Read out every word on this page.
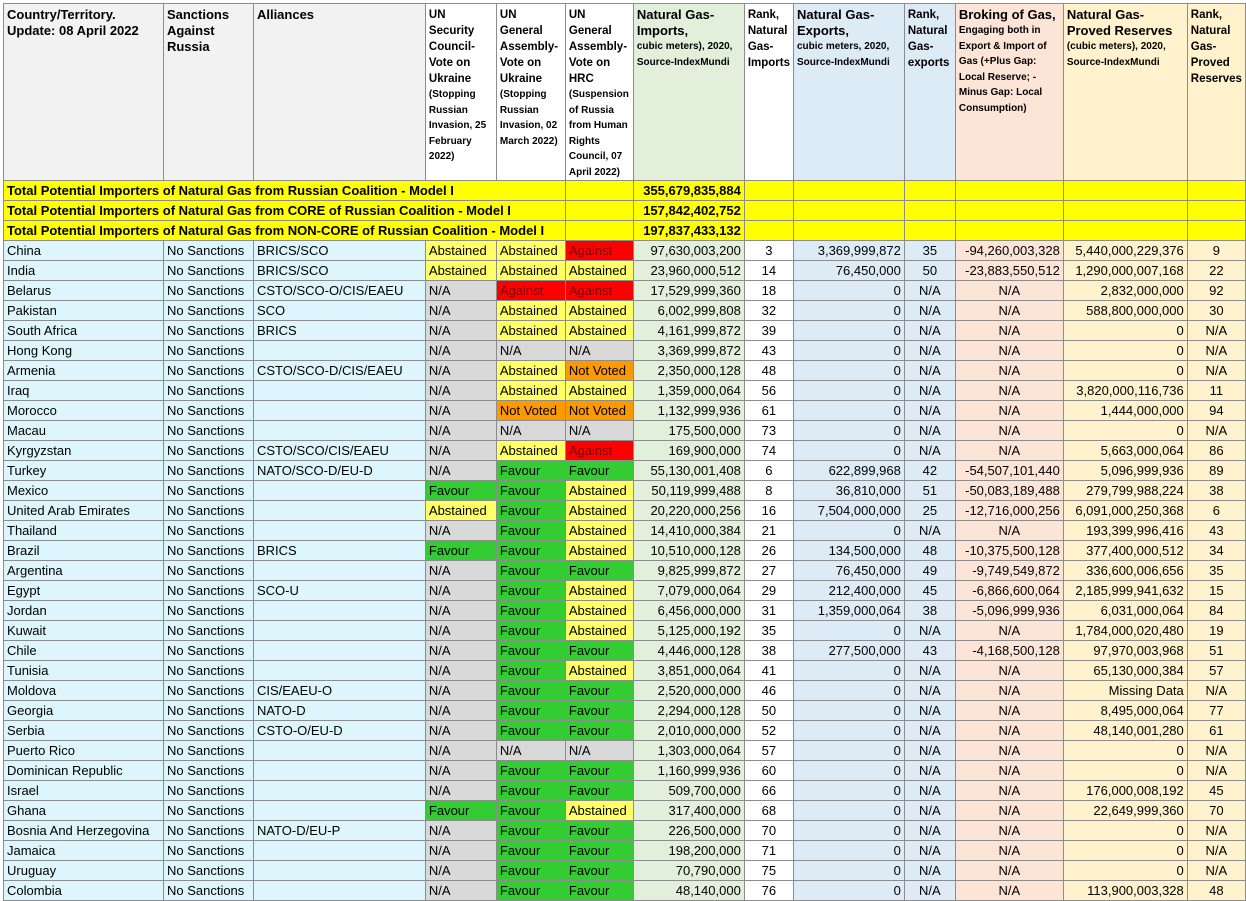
Country/Territory. Update: 08 April 2022	Sanctions Against Russia	Alliances	UN Security Council-Vote on Ukraine
(Stopping Russian Invasion, 25 February 2022)	UN General Assembly-Vote on Ukraine
(Stopping Russian Invasion, 02 March 2022)	UN General Assembly-Vote on HRC
(Suspension of Russia from Human Rights Council, 07 April 2022)	Natural Gas-Imports,
cubic meters), 2020, Source-IndexMundi	Rank, Natural Gas-Imports	Natural Gas-Exports,
cubic meters, 2020, Source-IndexMundi	Rank, Natural Gas-exports	Broking of Gas,
Engaging both in Export & Import of Gas (+Plus Gap: Local Reserve; -Minus Gap: Local Consumption)	Natural Gas-Proved Reserves
(cubic meters), 2020, Source-IndexMundi	Rank, Natural Gas-Proved Reserves
Total Potential Importers of Natural Gas from Russian Coalition - Model I						355,679,835,884						
Total Potential Importers of Natural Gas from CORE of Russian Coalition - Model I						157,842,402,752						
Total Potential Importers of Natural Gas from NON-CORE of Russian Coalition - Model I						197,837,433,132						
China	No Sanctions	BRICS/SCO	Abstained	Abstained	Against	97,630,003,200	3	3,369,999,872	35	-94,260,003,328	5,440,000,229,376	9
India	No Sanctions	BRICS/SCO	Abstained	Abstained	Abstained	23,960,000,512	14	76,450,000	50	-23,883,550,512	1,290,000,007,168	22
Belarus	No Sanctions	CSTO/SCO-O/CIS/EAEU	N/A	Against	Against	17,529,999,360	18	0	N/A	N/A	2,832,000,000	92
Pakistan	No Sanctions	SCO	N/A	Abstained	Abstained	6,002,999,808	32	0	N/A	N/A	588,800,000,000	30
South Africa	No Sanctions	BRICS	N/A	Abstained	Abstained	4,161,999,872	39	0	N/A	N/A	0	N/A
Hong Kong	No Sanctions		N/A	N/A	N/A	3,369,999,872	43	0	N/A	N/A	0	N/A
Armenia	No Sanctions	CSTO/SCO-D/CIS/EAEU	N/A	Abstained	Not Voted	2,350,000,128	48	0	N/A	N/A	0	N/A
Iraq	No Sanctions		N/A	Abstained	Abstained	1,359,000,064	56	0	N/A	N/A	3,820,000,116,736	11
Morocco	No Sanctions		N/A	Not Voted	Not Voted	1,132,999,936	61	0	N/A	N/A	1,444,000,000	94
Macau	No Sanctions		N/A	N/A	N/A	175,500,000	73	0	N/A	N/A	0	N/A
Kyrgyzstan	No Sanctions	CSTO/SCO/CIS/EAEU	N/A	Abstained	Against	169,900,000	74	0	N/A	N/A	5,663,000,064	86
Turkey	No Sanctions	NATO/SCO-D/EU-D	N/A	Favour	Favour	55,130,001,408	6	622,899,968	42	-54,507,101,440	5,096,999,936	89
Mexico	No Sanctions		Favour	Favour	Abstained	50,119,999,488	8	36,810,000	51	-50,083,189,488	279,799,988,224	38
United Arab Emirates	No Sanctions		Abstained	Favour	Abstained	20,220,000,256	16	7,504,000,000	25	-12,716,000,256	6,091,000,250,368	6
Thailand	No Sanctions		N/A	Favour	Abstained	14,410,000,384	21	0	N/A	N/A	193,399,996,416	43
Brazil	No Sanctions	BRICS	Favour	Favour	Abstained	10,510,000,128	26	134,500,000	48	-10,375,500,128	377,400,000,512	34
Argentina	No Sanctions		N/A	Favour	Favour	9,825,999,872	27	76,450,000	49	-9,749,549,872	336,600,006,656	35
Egypt	No Sanctions	SCO-U	N/A	Favour	Abstained	7,079,000,064	29	212,400,000	45	-6,866,600,064	2,185,999,941,632	15
Jordan	No Sanctions		N/A	Favour	Abstained	6,456,000,000	31	1,359,000,064	38	-5,096,999,936	6,031,000,064	84
Kuwait	No Sanctions		N/A	Favour	Abstained	5,125,000,192	35	0	N/A	N/A	1,784,000,020,480	19
Chile	No Sanctions		N/A	Favour	Favour	4,446,000,128	38	277,500,000	43	-4,168,500,128	97,970,003,968	51
Tunisia	No Sanctions		N/A	Favour	Abstained	3,851,000,064	41	0	N/A	N/A	65,130,000,384	57
Moldova	No Sanctions	CIS/EAEU-O	N/A	Favour	Favour	2,520,000,000	46	0	N/A	N/A	Missing Data	N/A
Georgia	No Sanctions	NATO-D	N/A	Favour	Favour	2,294,000,128	50	0	N/A	N/A	8,495,000,064	77
Serbia	No Sanctions	CSTO-O/EU-D	N/A	Favour	Favour	2,010,000,000	52	0	N/A	N/A	48,140,001,280	61
Puerto Rico	No Sanctions		N/A	N/A	N/A	1,303,000,064	57	0	N/A	N/A	0	N/A
Dominican Republic	No Sanctions		N/A	Favour	Favour	1,160,999,936	60	0	N/A	N/A	0	N/A
Israel	No Sanctions		N/A	Favour	Favour	509,700,000	66	0	N/A	N/A	176,000,008,192	45
Ghana	No Sanctions		Favour	Favour	Abstained	317,400,000	68	0	N/A	N/A	22,649,999,360	70
Bosnia And Herzegovina	No Sanctions	NATO-D/EU-P	N/A	Favour	Favour	226,500,000	70	0	N/A	N/A	0	N/A
Jamaica	No Sanctions		N/A	Favour	Favour	198,200,000	71	0	N/A	N/A	0	N/A
Uruguay	No Sanctions		N/A	Favour	Favour	70,790,000	75	0	N/A	N/A	0	N/A
Colombia	No Sanctions		N/A	Favour	Favour	48,140,000	76	0	N/A	N/A	113,900,003,328	48
